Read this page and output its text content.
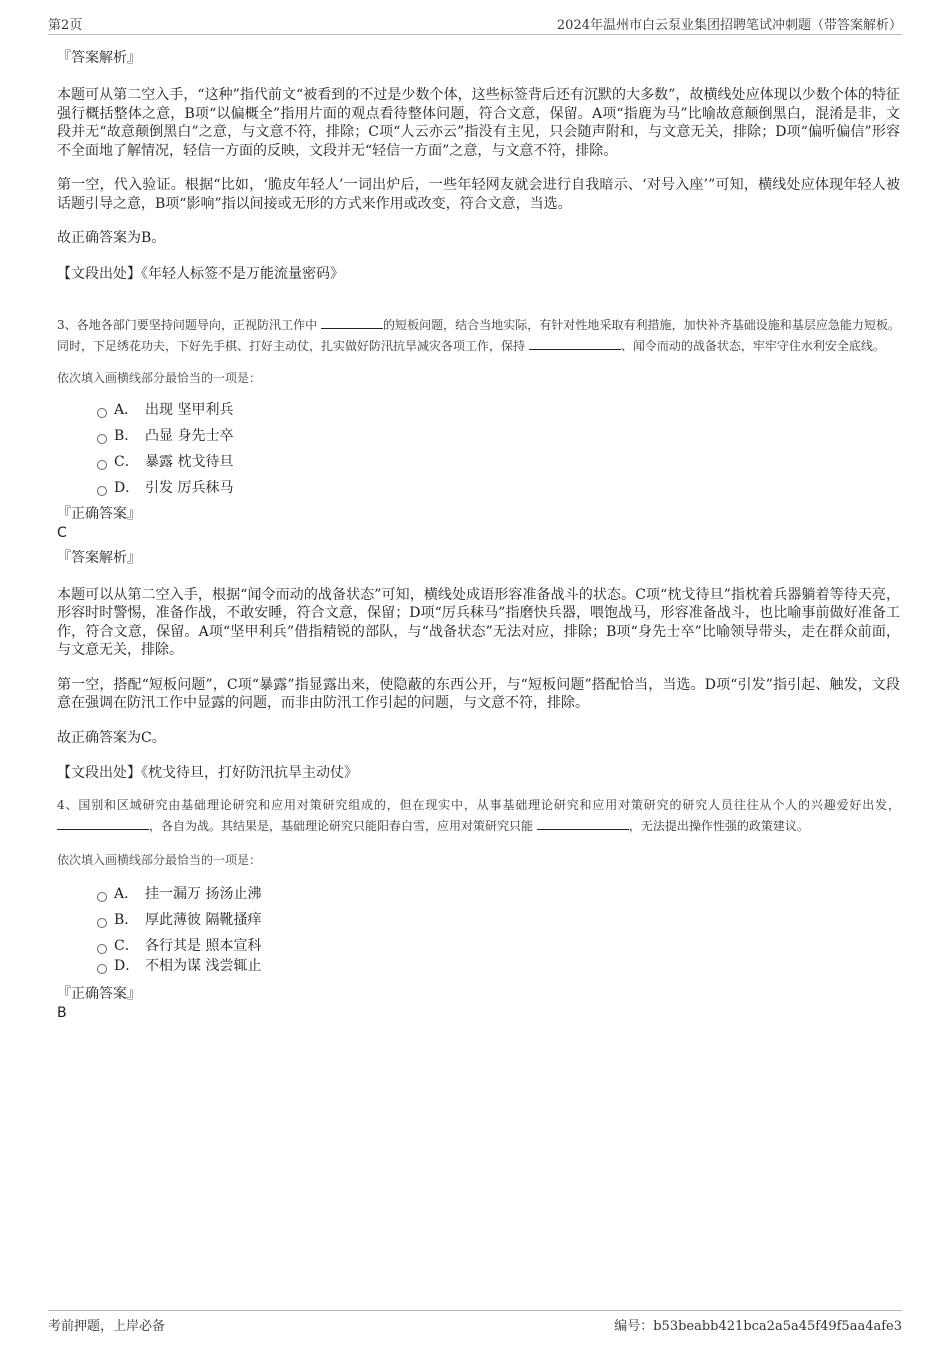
第2页	2024年温州市白云泵业集团招聘笔试冲刺题（带答案解析）

『答案解析』

本题可从第二空入手，“这种”指代前文“被看到的不过是少数个体，这些标签背后还有沉默的大多数”，故横线处应体现以少数个体的特征强行概括整体之意，B项“以偏概全”指用片面的观点看待整体问题，符合文意，保留。A项“指鹿为马”比喻故意颠倒黑白，混淆是非，文段并无“故意颠倒黑白”之意，与文意不符，排除；C项“人云亦云”指没有主见，只会随声附和，与文意无关，排除；D项“偏听偏信”形容不全面地了解情况，轻信一方面的反映，文段并无“轻信一方面”之意，与文意不符，排除。

第一空，代入验证。根据“比如，‘脆皮年轻人’一词出炉后，一些年轻网友就会进行自我暗示、‘对号入座’”可知，横线处应体现年轻人被话题引导之意，B项“影响”指以间接或无形的方式来作用或改变，符合文意，当选。

故正确答案为B。

【文段出处】《年轻人标签不是万能流量密码》

3、各地各部门要坚持问题导向，正视防汛工作中	的短板问题，结合当地实际，有针对性地采取有利措施，加快补齐基础设施和基层应急能力短板。同时，下足绣花功夫，下好先手棋、打好主动仗，扎实做好防汛抗旱减灾各项工作，保持	、闻令而动的战备状态，牢牢守住水利安全底线。

依次填入画横线部分最恰当的一项是：

A． 出现 坚甲利兵
B． 凸显 身先士卒
C． 暴露 枕戈待旦
D． 引发 厉兵秣马

『正确答案』

C

『答案解析』

本题可以从第二空入手，根据“闻令而动的战备状态”可知，横线处成语形容准备战斗的状态。C项“枕戈待旦”指枕着兵器躺着等待天亮，形容时时警惕，准备作战，不敢安睡，符合文意，保留；D项“厉兵秣马”指磨快兵器，喂饱战马，形容准备战斗，也比喻事前做好准备工作，符合文意，保留。A项“坚甲利兵”借指精锐的部队，与“战备状态”无法对应，排除；B项“身先士卒”比喻领导带头，走在群众前面，与文意无关，排除。

第一空，搭配“短板问题”，C项“暴露”指显露出来，使隐蔽的东西公开，与“短板问题”搭配恰当，当选。D项“引发”指引起、触发，文段意在强调在防汛工作中显露的问题，而非由防汛工作引起的问题，与文意不符，排除。

故正确答案为C。

【文段出处】《枕戈待旦，打好防汛抗旱主动仗》

4、国别和区域研究由基础理论研究和应用对策研究组成的，但在现实中，从事基础理论研究和应用对策研究的研究人员往往从个人的兴趣爱好出发，，各自为战。其结果是，基础理论研究只能阳春白雪，应用对策研究只能	，无法提出操作性强的政策建议。

依次填入画横线部分最恰当的一项是：

A． 挂一漏万 扬汤止沸
B． 厚此薄彼 隔靴搔痒
C． 各行其是 照本宣科
D． 不相为谋 浅尝辄止

『正确答案』

B

考前押题，上岸必备	编号：b53beabb421bca2a5a45f49f5aa4afe3
